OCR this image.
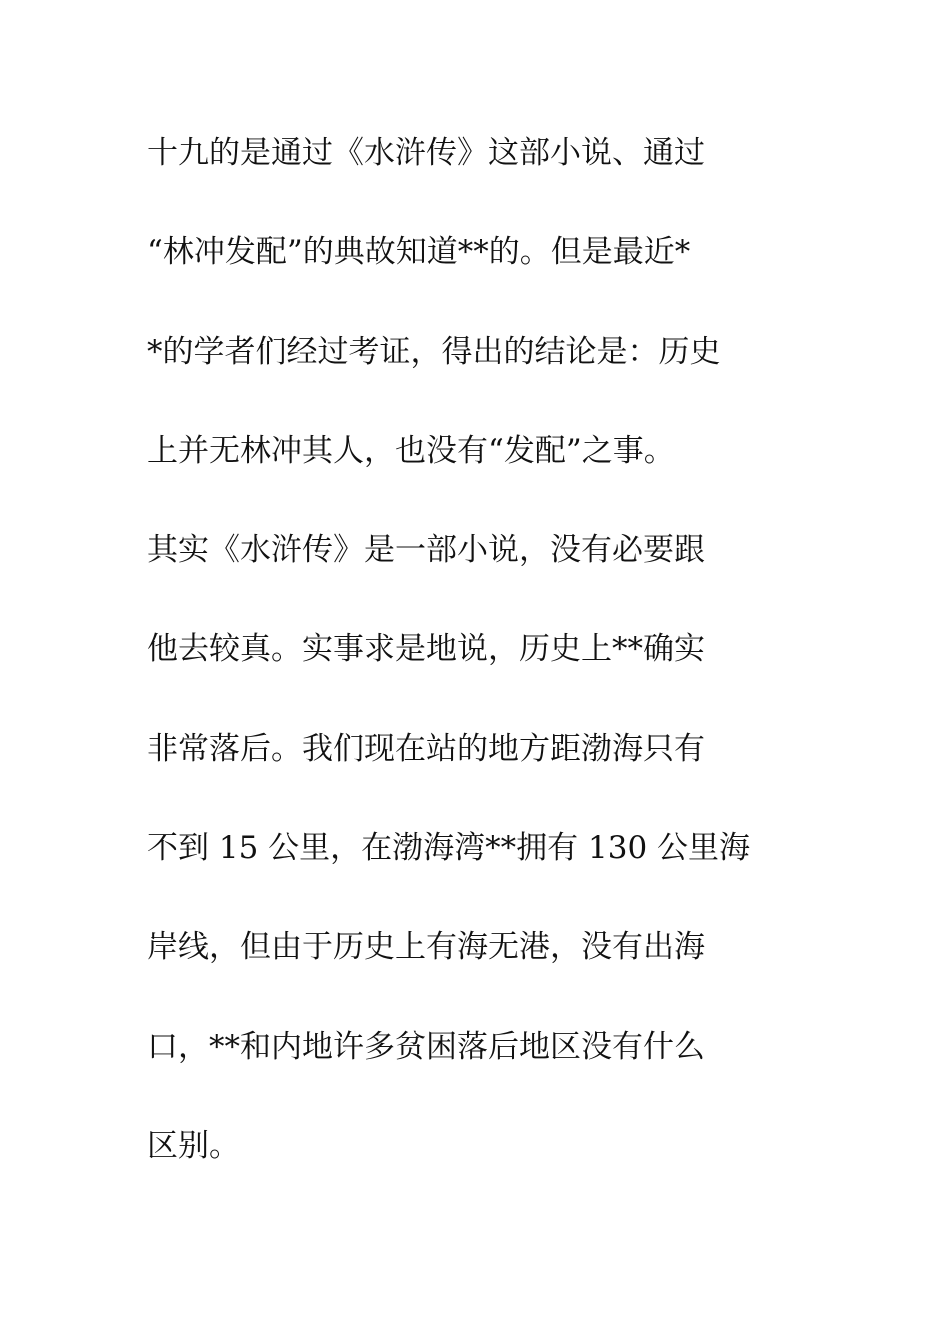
十九的是通过《水浒传》这部小说、通过
“林冲发配”的典故知道**的。但是最近*
*的学者们经过考证，得出的结论是：历史
上并无林冲其人，也没有“发配”之事。
其实《水浒传》是一部小说，没有必要跟
他去较真。实事求是地说，历史上**确实
非常落后。我们现在站的地方距渤海只有
不到 15 公里，在渤海湾**拥有 130 公里海
岸线，但由于历史上有海无港，没有出海
口，**和内地许多贫困落后地区没有什么
区别。
